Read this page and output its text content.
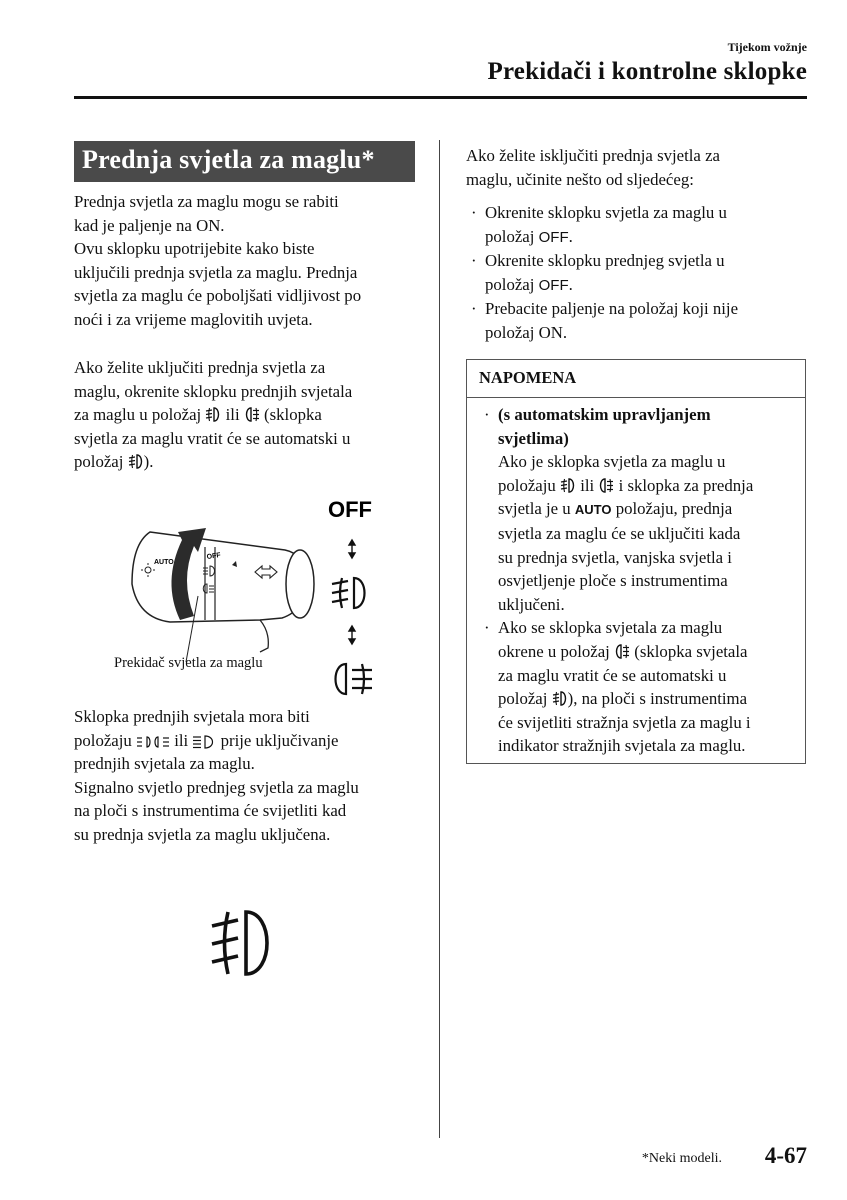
Tijekom vožnje
Prekidači i kontrolne sklopke
Prednja svjetla za maglu*
Prednja svjetla za maglu mogu se rabiti
kad je paljenje na ON.
Ovu sklopku upotrijebite kako biste
uključili prednja svjetla za maglu. Prednja
svjetla za maglu će poboljšati vidljivost po
noći i za vrijeme maglovitih uvjeta.
Ako želite uključiti prednja svjetla za
maglu, okrenite sklopku prednjih svjetala
za maglu u položaj ili (sklopka
svjetla za maglu vratit će se automatski u
položaj ).
OFF
AUTO
OFF
Prekidač svjetla za maglu
Sklopka prednjih svjetala mora biti
položaju	ili prije uključivanje
prednjih svjetala za maglu.
Signalno svjetlo prednjeg svjetla za maglu
na ploči s instrumentima će svijetliti kad
su prednja svjetla za maglu uključena.
Ako želite isključiti prednja svjetla za
maglu, učinite nešto od sljedećeg:
· Okrenite sklopku svjetla za maglu u
položaj OFF.
· Okrenite sklopku prednjeg svjetla u
položaj OFF.
· Prebacite paljenje na položaj koji nije
položaj ON.
NAPOMENA
· (s automatskim upravljanjem
svjetlima)
Ako je sklopka svjetla za maglu u
položaju ili i sklopka za prednja
svjetla je u AUTO položaju, prednja
svjetla za maglu će se uključiti kada
su prednja svjetla, vanjska svjetla i
osvjetljenje ploče s instrumentima
uključeni.
· Ako se sklopka svjetala za maglu
okrene u položaj (sklopka svjetala
za maglu vratit će se automatski u
položaj ), na ploči s instrumentima
će svijetliti stražnja svjetla za maglu i
indikator stražnjih svjetala za maglu.
*Neki modeli. 4-67
